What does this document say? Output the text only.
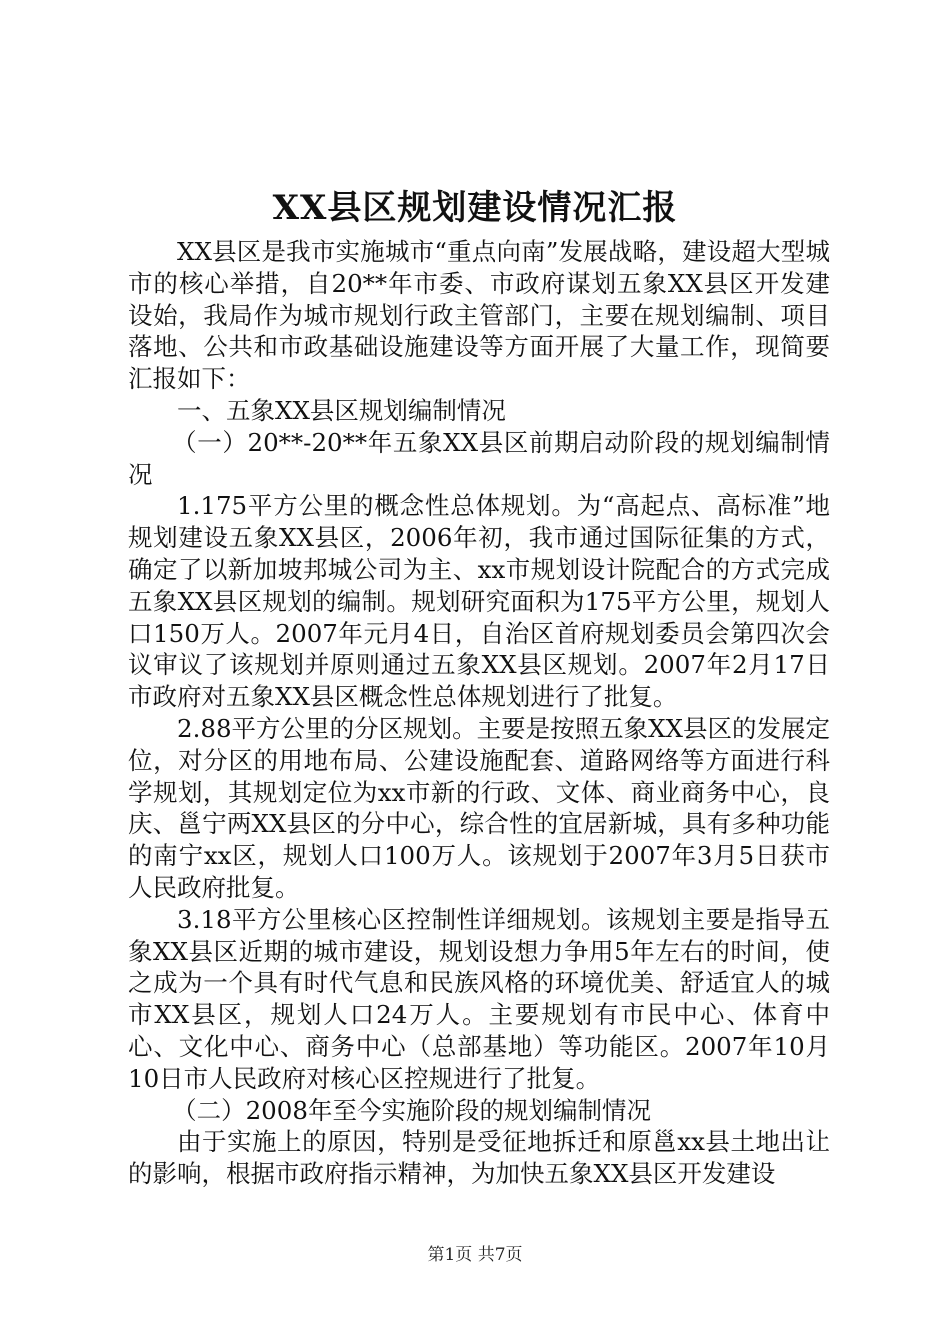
XX县区规划建设情况汇报

XX县区是我市实施城市“重点向南”发展战略，建设超大型城市的核心举措，自20**年市委、市政府谋划五象XX县区开发建设始，我局作为城市规划行政主管部门，主要在规划编制、项目落地、公共和市政基础设施建设等方面开展了大量工作，现简要汇报如下：

一、五象XX县区规划编制情况

（一）20**-20**年五象XX县区前期启动阶段的规划编制情况

1.175平方公里的概念性总体规划。为“高起点、高标准”地规划建设五象XX县区，2006年初，我市通过国际征集的方式，确定了以新加坡邦城公司为主、xx市规划设计院配合的方式完成五象XX县区规划的编制。规划研究面积为175平方公里，规划人口150万人。2007年元月4日，自治区首府规划委员会第四次会议审议了该规划并原则通过五象XX县区规划。2007年2月17日市政府对五象XX县区概念性总体规划进行了批复。

2.88平方公里的分区规划。主要是按照五象XX县区的发展定位，对分区的用地布局、公建设施配套、道路网络等方面进行科学规划，其规划定位为xx市新的行政、文体、商业商务中心，良庆、邕宁两XX县区的分中心，综合性的宜居新城，具有多种功能的南宁xx区，规划人口100万人。该规划于2007年3月5日获市人民政府批复。

3.18平方公里核心区控制性详细规划。该规划主要是指导五象XX县区近期的城市建设，规划设想力争用5年左右的时间，使之成为一个具有时代气息和民族风格的环境优美、舒适宜人的城市XX县区，规划人口24万人。主要规划有市民中心、体育中心、文化中心、商务中心（总部基地）等功能区。2007年10月10日市人民政府对核心区控规进行了批复。

（二）2008年至今实施阶段的规划编制情况

由于实施上的原因，特别是受征地拆迁和原邕xx县土地出让的影响，根据市政府指示精神，为加快五象XX县区开发建设

第1页 共7页
